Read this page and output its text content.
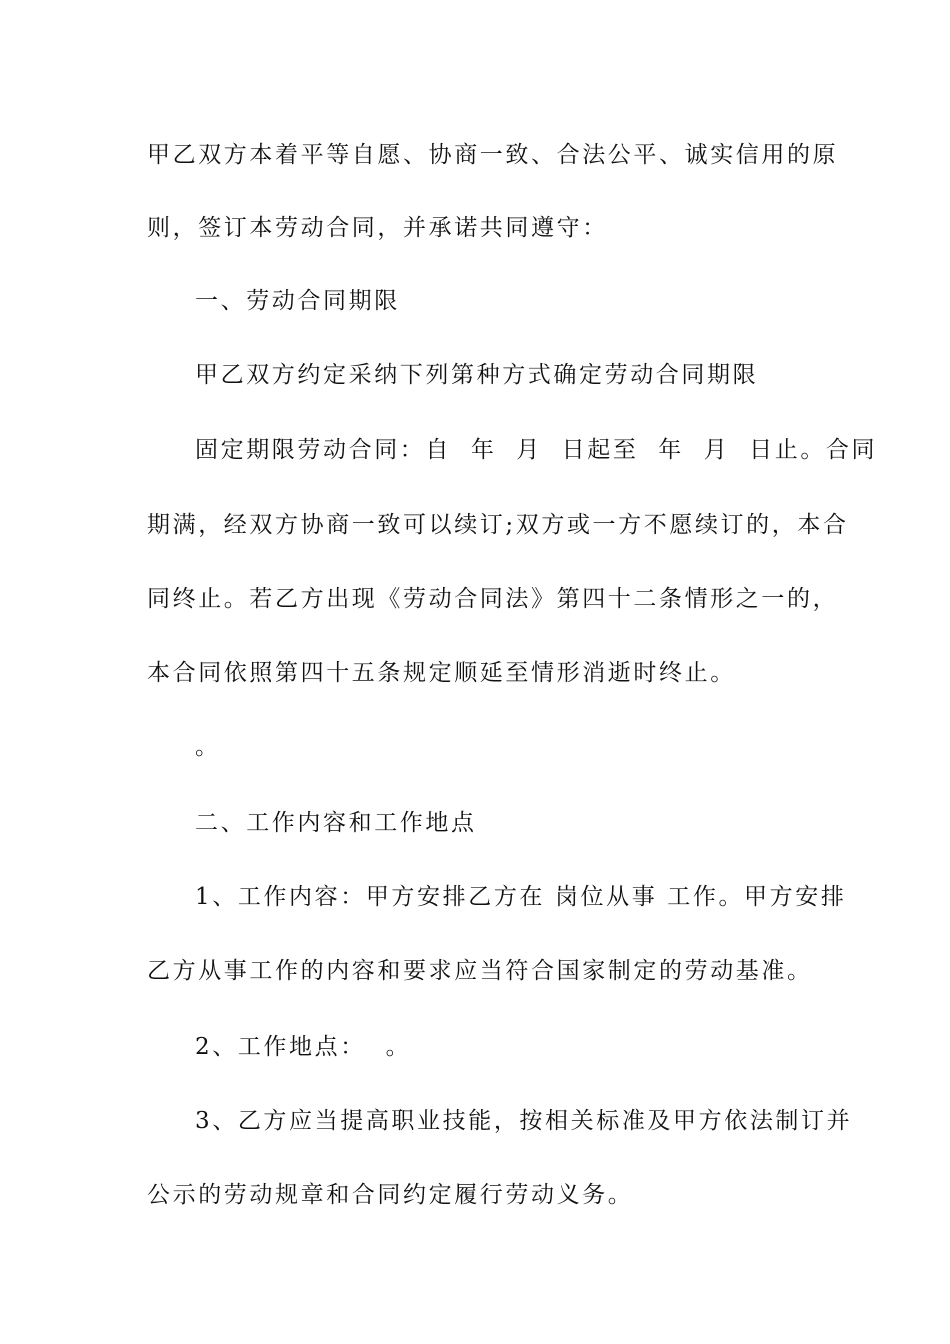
甲乙双方本着平等自愿、协商一致、合法公平、诚实信用的原
则，签订本劳动合同，并承诺共同遵守：
一、劳动合同期限
甲乙双方约定采纳下列第种方式确定劳动合同期限
固定期限劳动合同：自  年  月  日起至  年  月  日止。合同
期满，经双方协商一致可以续订;双方或一方不愿续订的，本合
同终止。若乙方出现《劳动合同法》第四十二条情形之一的，
本合同依照第四十五条规定顺延至情形消逝时终止。
。
二、工作内容和工作地点
1、工作内容：甲方安排乙方在 岗位从事 工作。甲方安排
乙方从事工作的内容和要求应当符合国家制定的劳动基准。
2、工作地点：  。
3、乙方应当提高职业技能，按相关标准及甲方依法制订并
公示的劳动规章和合同约定履行劳动义务。
